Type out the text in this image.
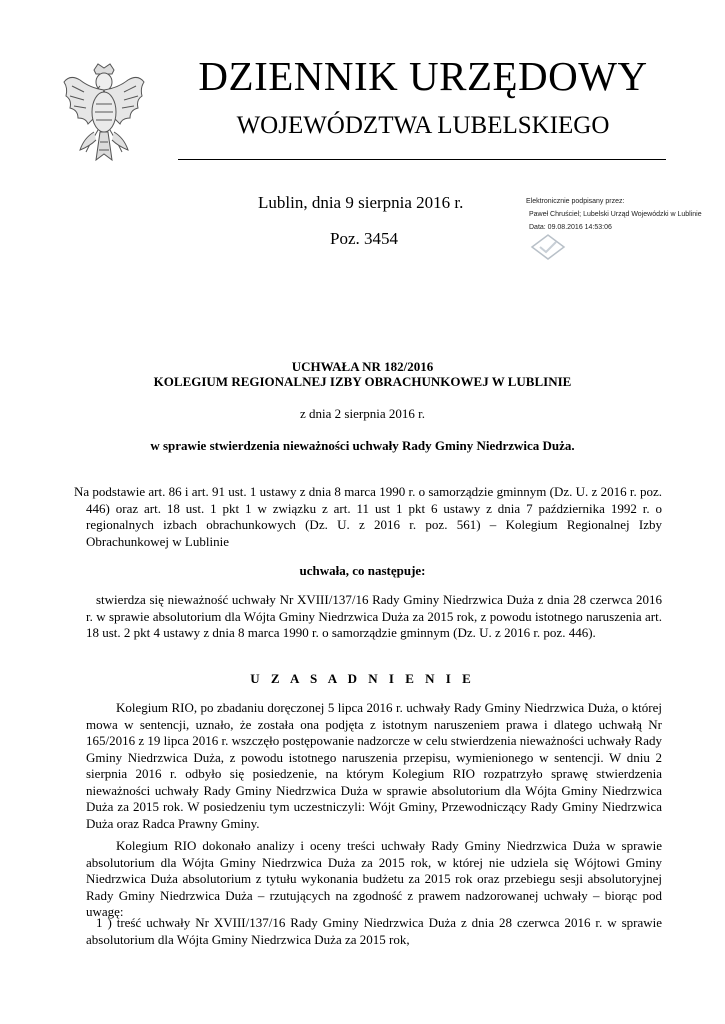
DZIENNIK URZĘDOWY
WOJEWÓDZTWA LUBELSKIEGO
Lublin, dnia 9 sierpnia 2016 r.
Poz. 3454
Elektronicznie podpisany przez:
Paweł Chruściel; Lubelski Urząd Wojewódzki w Lublinie
Data: 09.08.2016 14:53:06
UCHWAŁA NR 182/2016
KOLEGIUM REGIONALNEJ IZBY OBRACHUNKOWEJ W LUBLINIE
z dnia 2 sierpnia 2016 r.
w sprawie stwierdzenia nieważności uchwały Rady Gminy Niedrzwica Duża.
Na podstawie art. 86 i art. 91 ust. 1 ustawy z dnia 8 marca 1990 r. o samorządzie gminnym (Dz. U. z 2016 r. poz. 446) oraz art. 18 ust. 1 pkt 1 w związku z art. 11 ust 1 pkt 6 ustawy z dnia 7 października 1992 r. o regionalnych izbach obrachunkowych (Dz. U. z 2016 r. poz. 561) – Kolegium Regionalnej Izby Obrachunkowej w Lublinie
uchwała, co następuje:
stwierdza się nieważność uchwały Nr XVIII/137/16 Rady Gminy Niedrzwica Duża z dnia 28 czerwca 2016 r. w sprawie absolutorium dla Wójta Gminy Niedrzwica Duża za 2015 rok, z powodu istotnego naruszenia art. 18 ust. 2 pkt 4 ustawy z dnia 8 marca 1990 r. o samorządzie gminnym (Dz. U. z 2016 r. poz. 446).
U Z A S A D N I E N I E
Kolegium RIO, po zbadaniu doręczonej 5 lipca 2016 r. uchwały Rady Gminy Niedrzwica Duża, o której mowa w sentencji, uznało, że została ona podjęta z istotnym naruszeniem prawa i dlatego uchwałą Nr 165/2016 z 19 lipca 2016 r. wszczęło postępowanie nadzorcze w celu stwierdzenia nieważności uchwały Rady Gminy Niedrzwica Duża, z powodu istotnego naruszenia przepisu, wymienionego w sentencji. W dniu 2 sierpnia 2016 r. odbyło się posiedzenie, na którym Kolegium RIO rozpatrzyło sprawę stwierdzenia nieważności uchwały Rady Gminy Niedrzwica Duża w sprawie absolutorium dla Wójta Gminy Niedrzwica Duża za 2015 rok. W posiedzeniu tym uczestniczyli: Wójt Gminy, Przewodniczący Rady Gminy Niedrzwica Duża oraz Radca Prawny Gminy.
Kolegium RIO dokonało analizy i oceny treści uchwały Rady Gminy Niedrzwica Duża w sprawie absolutorium dla Wójta Gminy Niedrzwica Duża za 2015 rok, w której nie udziela się Wójtowi Gminy Niedrzwica Duża absolutorium z tytułu wykonania budżetu za 2015 rok oraz przebiegu sesji absolutoryjnej Rady Gminy Niedrzwica Duża – rzutujących na zgodność z prawem nadzorowanej uchwały – biorąc pod uwagę:
1 ) treść uchwały Nr XVIII/137/16 Rady Gminy Niedrzwica Duża z dnia 28 czerwca 2016 r. w sprawie absolutorium dla Wójta Gminy Niedrzwica Duża za 2015 rok,
